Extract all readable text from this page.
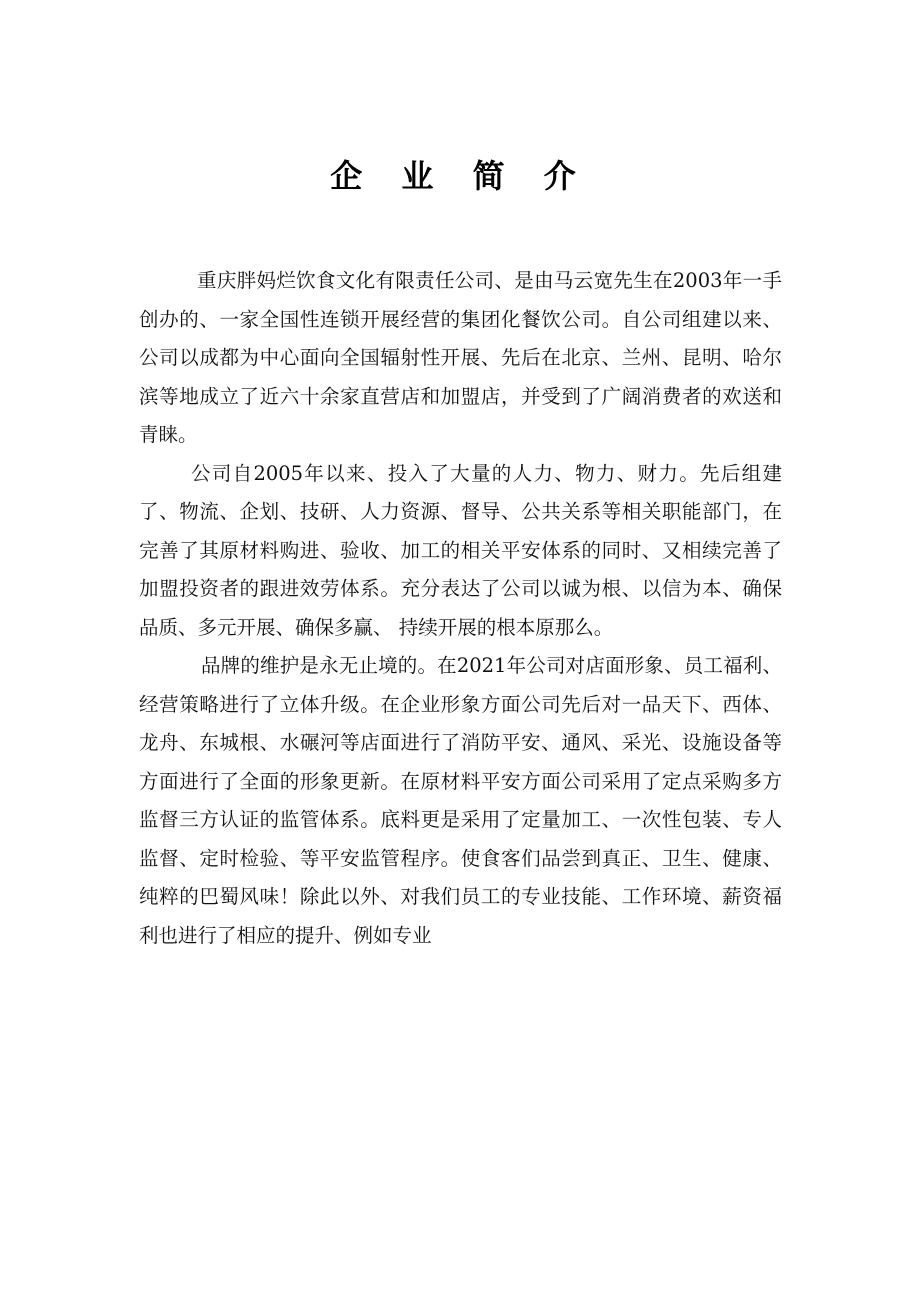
企 业 简 介

重庆胖妈烂饮食文化有限责任公司、是由马云宽先生在2003年一手创办的、一家全国性连锁开展经营的集团化餐饮公司。自公司组建以来、公司以成都为中心面向全国辐射性开展、先后在北京、兰州、昆明、哈尔滨等地成立了近六十余家直营店和加盟店，并受到了广阔消费者的欢送和青睐。

公司自2005年以来、投入了大量的人力、物力、财力。先后组建了、物流、企划、技研、人力资源、督导、公共关系等相关职能部门，在完善了其原材料购进、验收、加工的相关平安体系的同时、又相续完善了加盟投资者的跟进效劳体系。充分表达了公司以诚为根、以信为本、确保品质、多元开展、确保多赢、 持续开展的根本原那么。

品牌的维护是永无止境的。在2021年公司对店面形象、员工福利、经营策略进行了立体升级。在企业形象方面公司先后对一品天下、西体、龙舟、东城根、水碾河等店面进行了消防平安、通风、采光、设施设备等方面进行了全面的形象更新。在原材料平安方面公司采用了定点采购多方监督三方认证的监管体系。底料更是采用了定量加工、一次性包装、专人监督、定时检验、等平安监管程序。使食客们品尝到真正、卫生、健康、纯粹的巴蜀风味！除此以外、对我们员工的专业技能、工作环境、薪资福利也进行了相应的提升、例如专业
